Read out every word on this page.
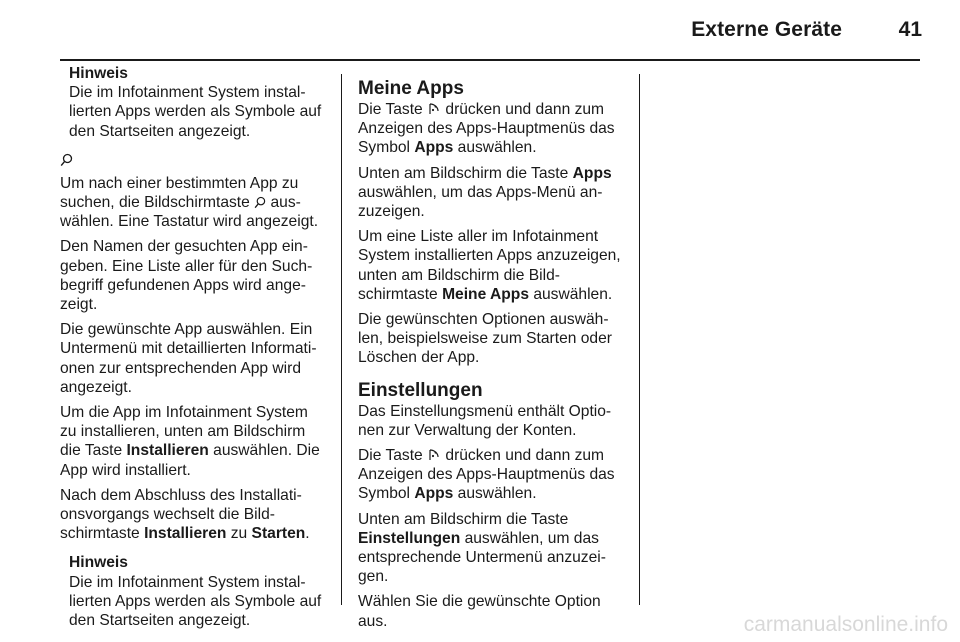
Externe Geräte	41
Hinweis
Die im Infotainment System installierten Apps werden als Symbole auf den Startseiten angezeigt.

Um nach einer bestimmten App zu suchen, die Bildschirmtaste  auswählen. Eine Tastatur wird angezeigt.

Den Namen der gesuchten App eingeben. Eine Liste aller für den Suchbegriff gefundenen Apps wird angezeigt.

Die gewünschte App auswählen. Ein Untermenü mit detaillierten Informationen zur entsprechenden App wird angezeigt.

Um die App im Infotainment System zu installieren, unten am Bildschirm die Taste Installieren auswählen. Die App wird installiert.

Nach dem Abschluss des Installationsvorgangs wechselt die Bildschirmtaste Installieren zu Starten.

Hinweis
Die im Infotainment System installierten Apps werden als Symbole auf den Startseiten angezeigt.
Meine Apps

Die Taste  drücken und dann zum Anzeigen des Apps-Hauptmenüs das Symbol Apps auswählen.

Unten am Bildschirm die Taste Apps auswählen, um das Apps-Menü anzuzeigen.

Um eine Liste aller im Infotainment System installierten Apps anzuzeigen, unten am Bildschirm die Bildschirmtaste Meine Apps auswählen.

Die gewünschten Optionen auswählen, beispielsweise zum Starten oder Löschen der App.

Einstellungen

Das Einstellungsmenü enthält Optionen zur Verwaltung der Konten.

Die Taste  drücken und dann zum Anzeigen des Apps-Hauptmenüs das Symbol Apps auswählen.

Unten am Bildschirm die Taste Einstellungen auswählen, um das entsprechende Untermenü anzuzeigen.

Wählen Sie die gewünschte Option aus.	carmanualsonline.info
